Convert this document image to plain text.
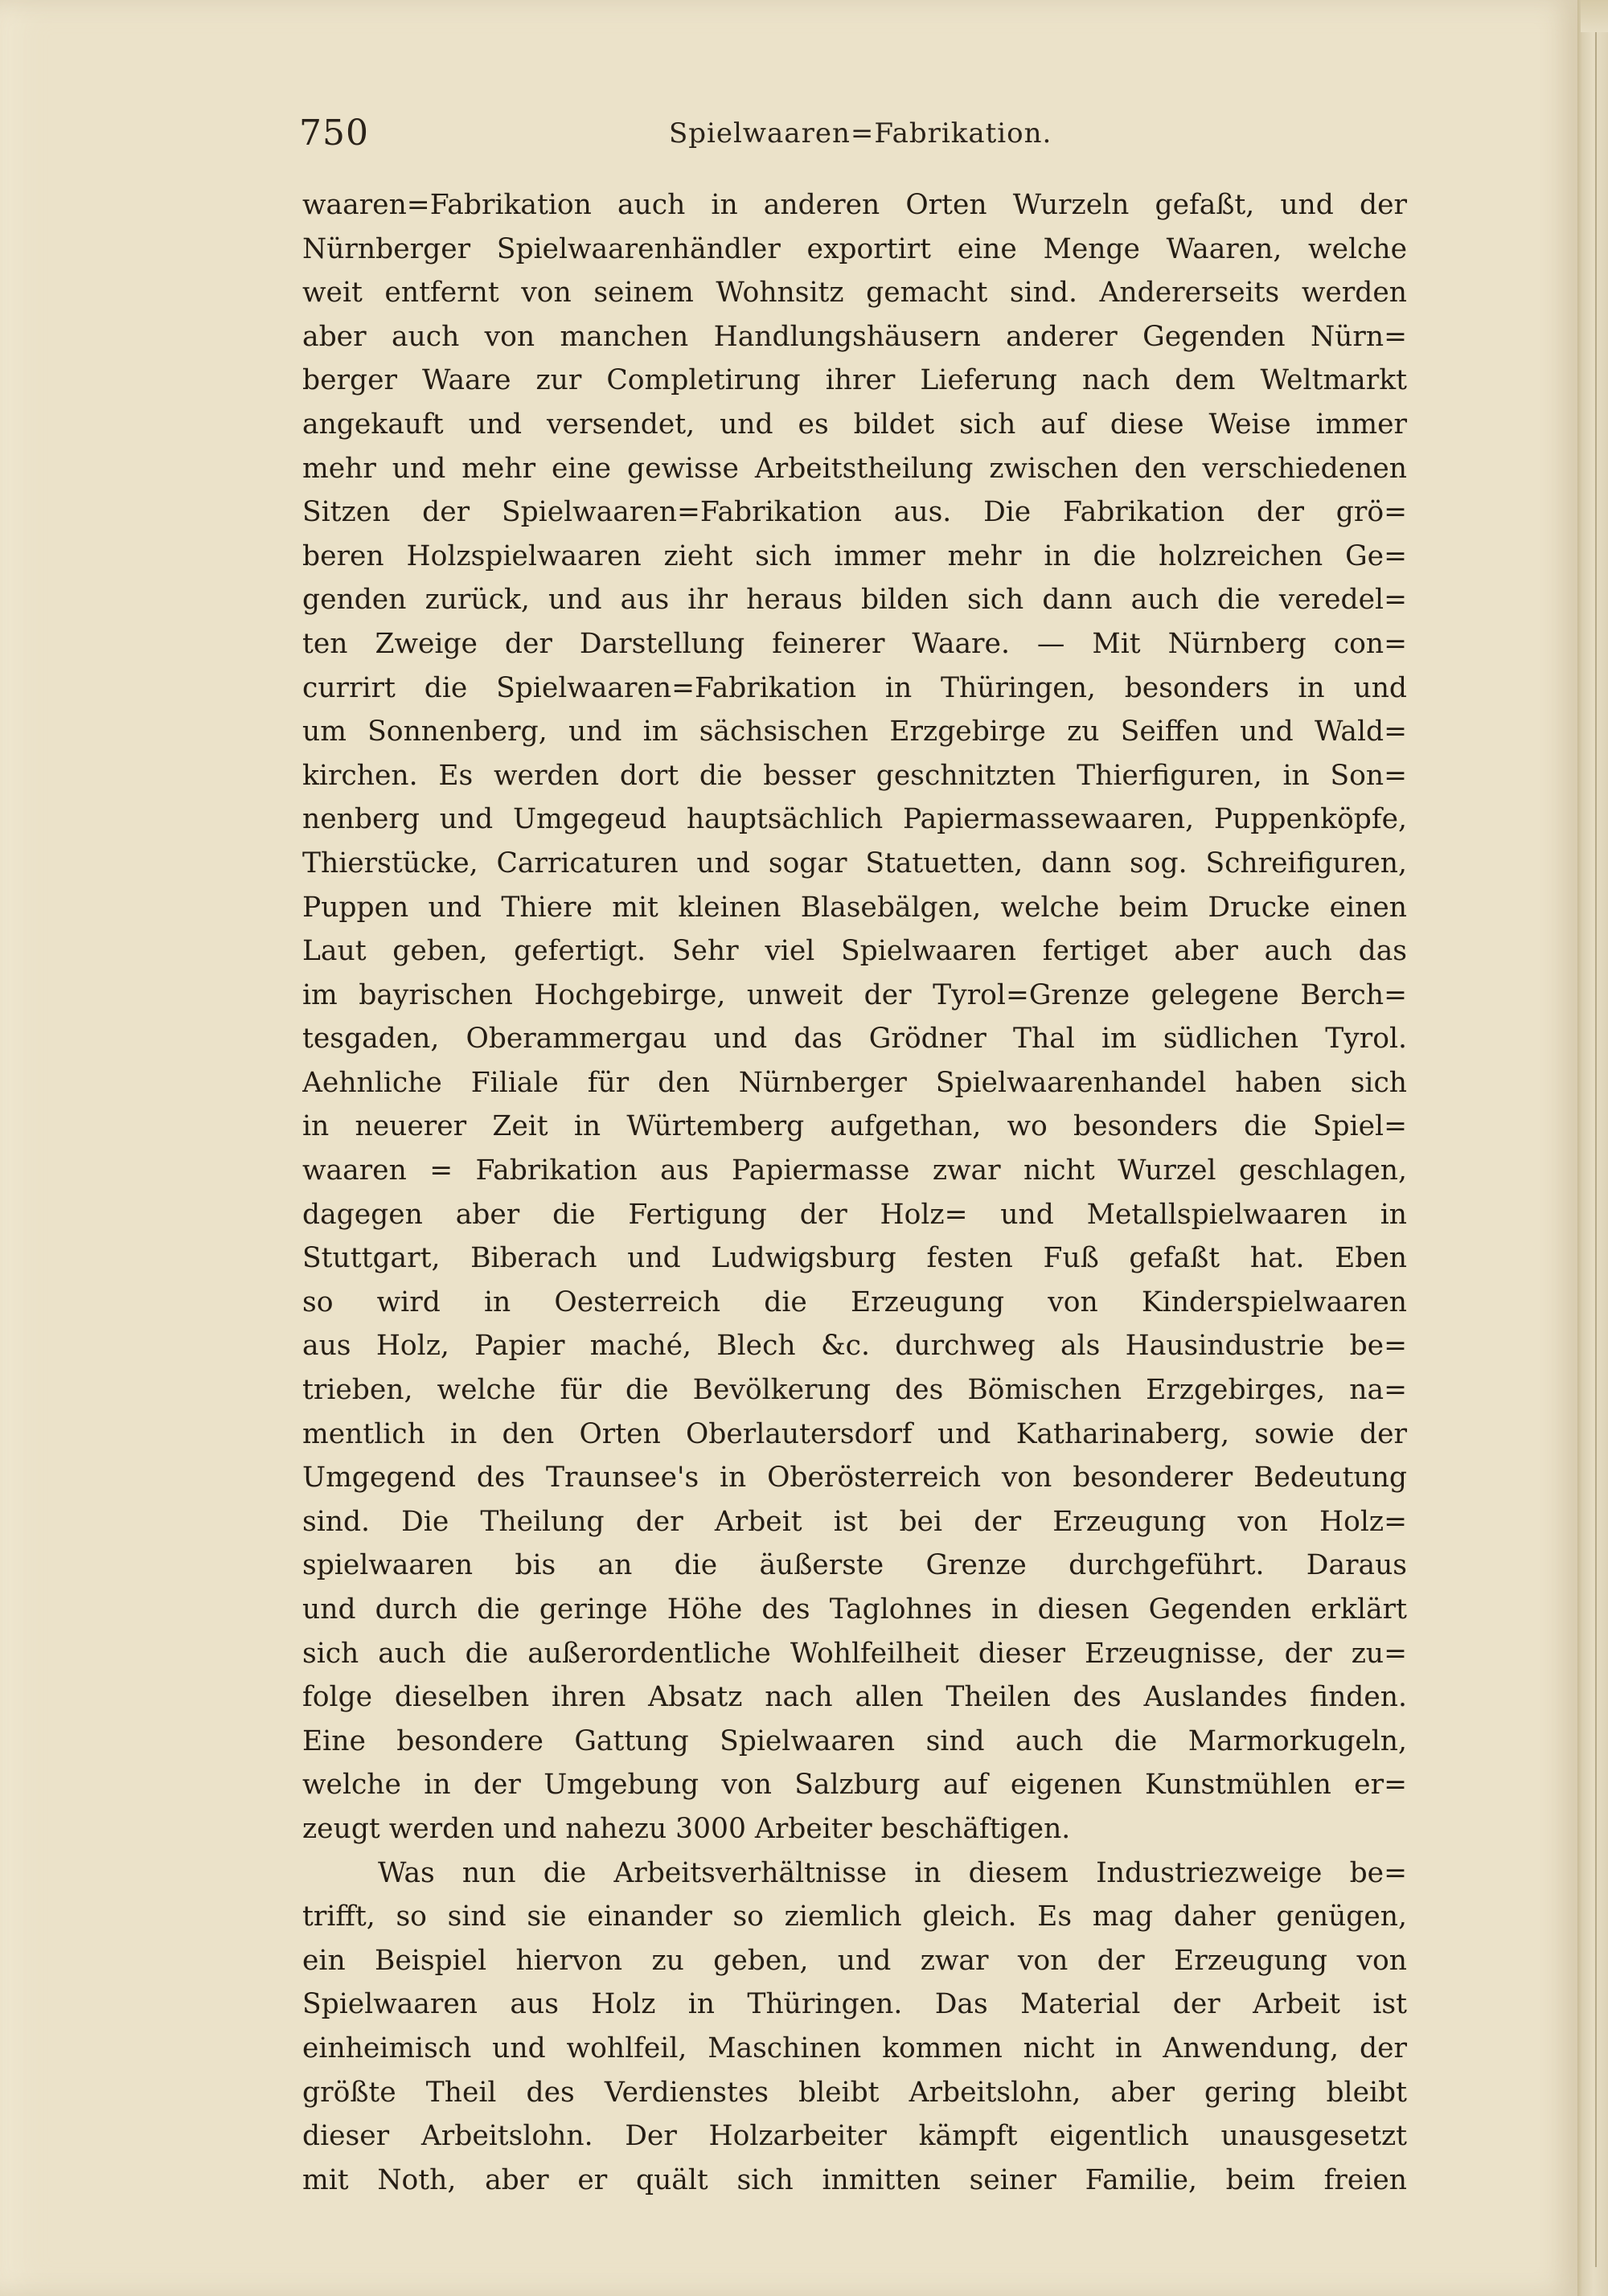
750	Spielwaaren=Fabrikation.
waaren=Fabrikation auch in anderen Orten Wurzeln gefaßt, und der
Nürnberger Spielwaarenhändler exportirt eine Menge Waaren, welche
weit entfernt von seinem Wohnsitz gemacht sind. Andererseits werden
aber auch von manchen Handlungshäusern anderer Gegenden Nürn=
berger Waare zur Completirung ihrer Lieferung nach dem Weltmarkt
angekauft und versendet, und es bildet sich auf diese Weise immer
mehr und mehr eine gewisse Arbeitstheilung zwischen den verschiedenen
Sitzen der Spielwaaren=Fabrikation aus. Die Fabrikation der grö=
beren Holzspielwaaren zieht sich immer mehr in die holzreichen Ge=
genden zurück, und aus ihr heraus bilden sich dann auch die veredel=
ten Zweige der Darstellung feinerer Waare. — Mit Nürnberg con=
currirt die Spielwaaren=Fabrikation in Thüringen, besonders in und
um Sonnenberg, und im sächsischen Erzgebirge zu Seiffen und Wald=
kirchen. Es werden dort die besser geschnitzten Thierfiguren, in Son=
nenberg und Umgegeud hauptsächlich Papiermassewaaren, Puppenköpfe,
Thierstücke, Carricaturen und sogar Statuetten, dann sog. Schreifiguren,
Puppen und Thiere mit kleinen Blasebälgen, welche beim Drucke einen
Laut geben, gefertigt. Sehr viel Spielwaaren fertiget aber auch das
im bayrischen Hochgebirge, unweit der Tyrol=Grenze gelegene Berch=
tesgaden, Oberammergau und das Grödner Thal im südlichen Tyrol.
Aehnliche Filiale für den Nürnberger Spielwaarenhandel haben sich
in neuerer Zeit in Würtemberg aufgethan, wo besonders die Spiel=
waaren = Fabrikation aus Papiermasse zwar nicht Wurzel geschlagen,
dagegen aber die Fertigung der Holz= und Metallspielwaaren in
Stuttgart, Biberach und Ludwigsburg festen Fuß gefaßt hat. Eben
so wird in Oesterreich die Erzeugung von Kinderspielwaaren
aus Holz, Papier maché, Blech &c. durchweg als Hausindustrie be=
trieben, welche für die Bevölkerung des Bömischen Erzgebirges, na=
mentlich in den Orten Oberlautersdorf und Katharinaberg, sowie der
Umgegend des Traunsee's in Oberösterreich von besonderer Bedeutung
sind. Die Theilung der Arbeit ist bei der Erzeugung von Holz=
spielwaaren bis an die äußerste Grenze durchgeführt. Daraus
und durch die geringe Höhe des Taglohnes in diesen Gegenden erklärt
sich auch die außerordentliche Wohlfeilheit dieser Erzeugnisse, der zu=
folge dieselben ihren Absatz nach allen Theilen des Auslandes finden.
Eine besondere Gattung Spielwaaren sind auch die Marmorkugeln,
welche in der Umgebung von Salzburg auf eigenen Kunstmühlen er=
zeugt werden und nahezu 3000 Arbeiter beschäftigen.
Was nun die Arbeitsverhältnisse in diesem Industriezweige be=
trifft, so sind sie einander so ziemlich gleich. Es mag daher genügen,
ein Beispiel hiervon zu geben, und zwar von der Erzeugung von
Spielwaaren aus Holz in Thüringen. Das Material der Arbeit ist
einheimisch und wohlfeil, Maschinen kommen nicht in Anwendung, der
größte Theil des Verdienstes bleibt Arbeitslohn, aber gering bleibt
dieser Arbeitslohn. Der Holzarbeiter kämpft eigentlich unausgesetzt
mit Noth, aber er quält sich inmitten seiner Familie, beim freien
